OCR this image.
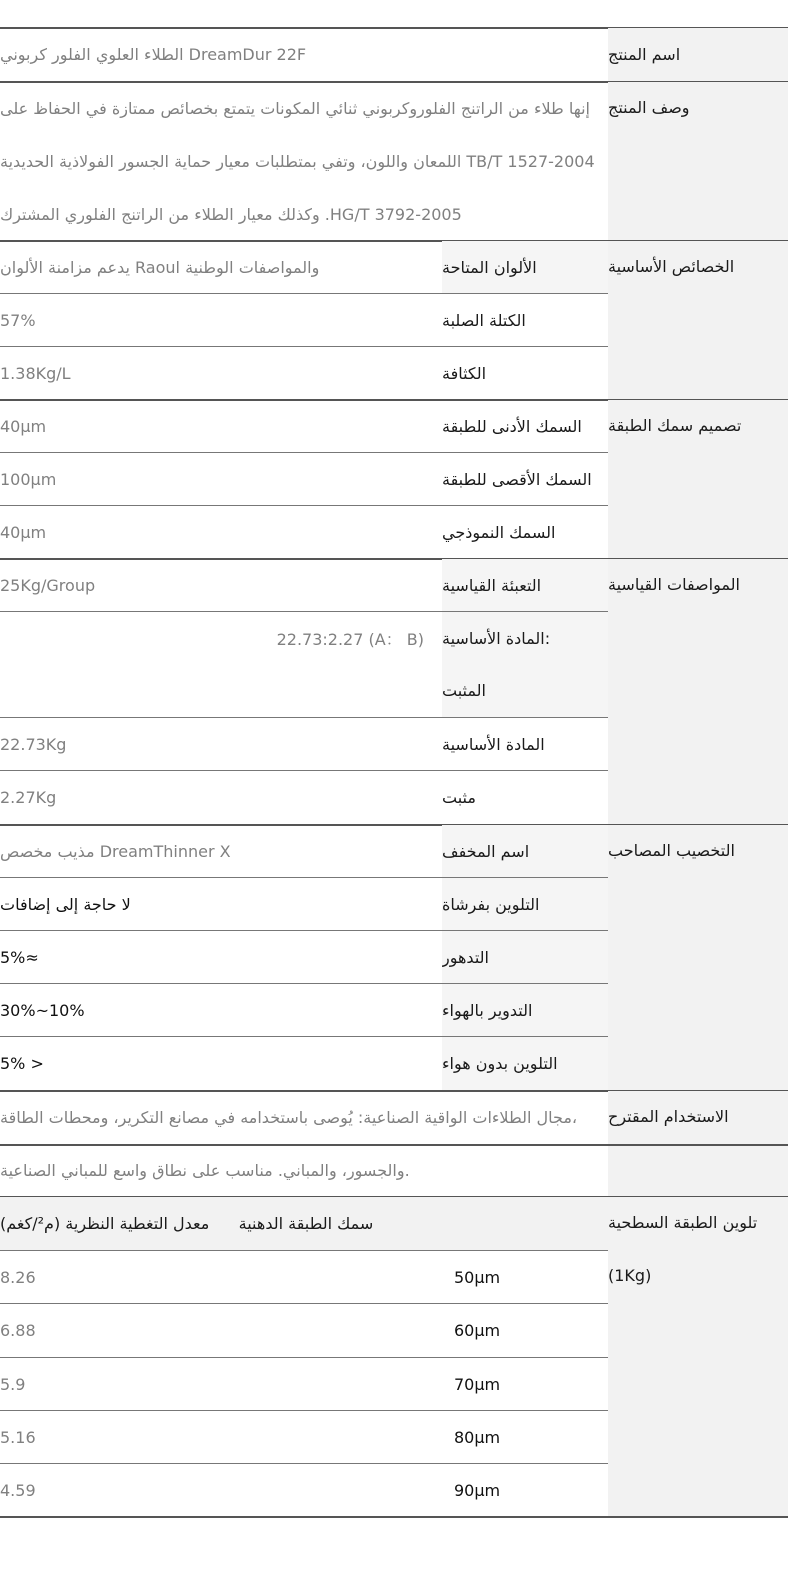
اسم المنتج
DreamDur 22F الطلاء العلوي الفلور كربوني
وصف المنتج
إنها طلاء من الراتنج الفلوروكربوني ثنائي المكونات يتمتع بخصائص ممتازة في الحفاظ على
TB/T 1527-2004 اللمعان واللون، وتفي بمتطلبات معيار حماية الجسور الفولاذية الحديدية
HG/T 3792-2005. وكذلك معيار الطلاء من الراتنج الفلوري المشترك
الخصائص الأساسية
الألوان المتاحة
والمواصفات الوطنية Raoul يدعم مزامنة الألوان
الكتلة الصلبة
57%
الكثافة
1.38Kg/L
تصميم سمك الطبقة
السمك الأدنى للطبقة
40μm
السمك الأقصى للطبقة
100μm
السمك النموذجي
40μm
المواصفات القياسية
التعبئة القياسية
25Kg/Group
:المادة الأساسية
المثبت
22.73:2.27 (A： B)
المادة الأساسية
22.73Kg
مثبت
2.27Kg
التخصيب المصاحب
اسم المخفف
DreamThinner X مذيب مخصص
التلوين بفرشاة
لا حاجة إلى إضافات
التدهور
≈5%
التدوير بالهواء
10%~30%
التلوين بدون هواء
< 5%
الاستخدام المقترح
،مجال الطلاءات الواقية الصناعية: يُوصى باستخدامه في مصانع التكرير، ومحطات الطاقة
.والجسور، والمباني. مناسب على نطاق واسع للمباني الصناعية
تلوين الطبقة السطحية
(1Kg)
سمك الطبقة الدهنية
معدل التغطية النظرية (م²/كغم)
50μm
8.26
60μm
6.88
70μm
5.9
80μm
5.16
90μm
4.59
